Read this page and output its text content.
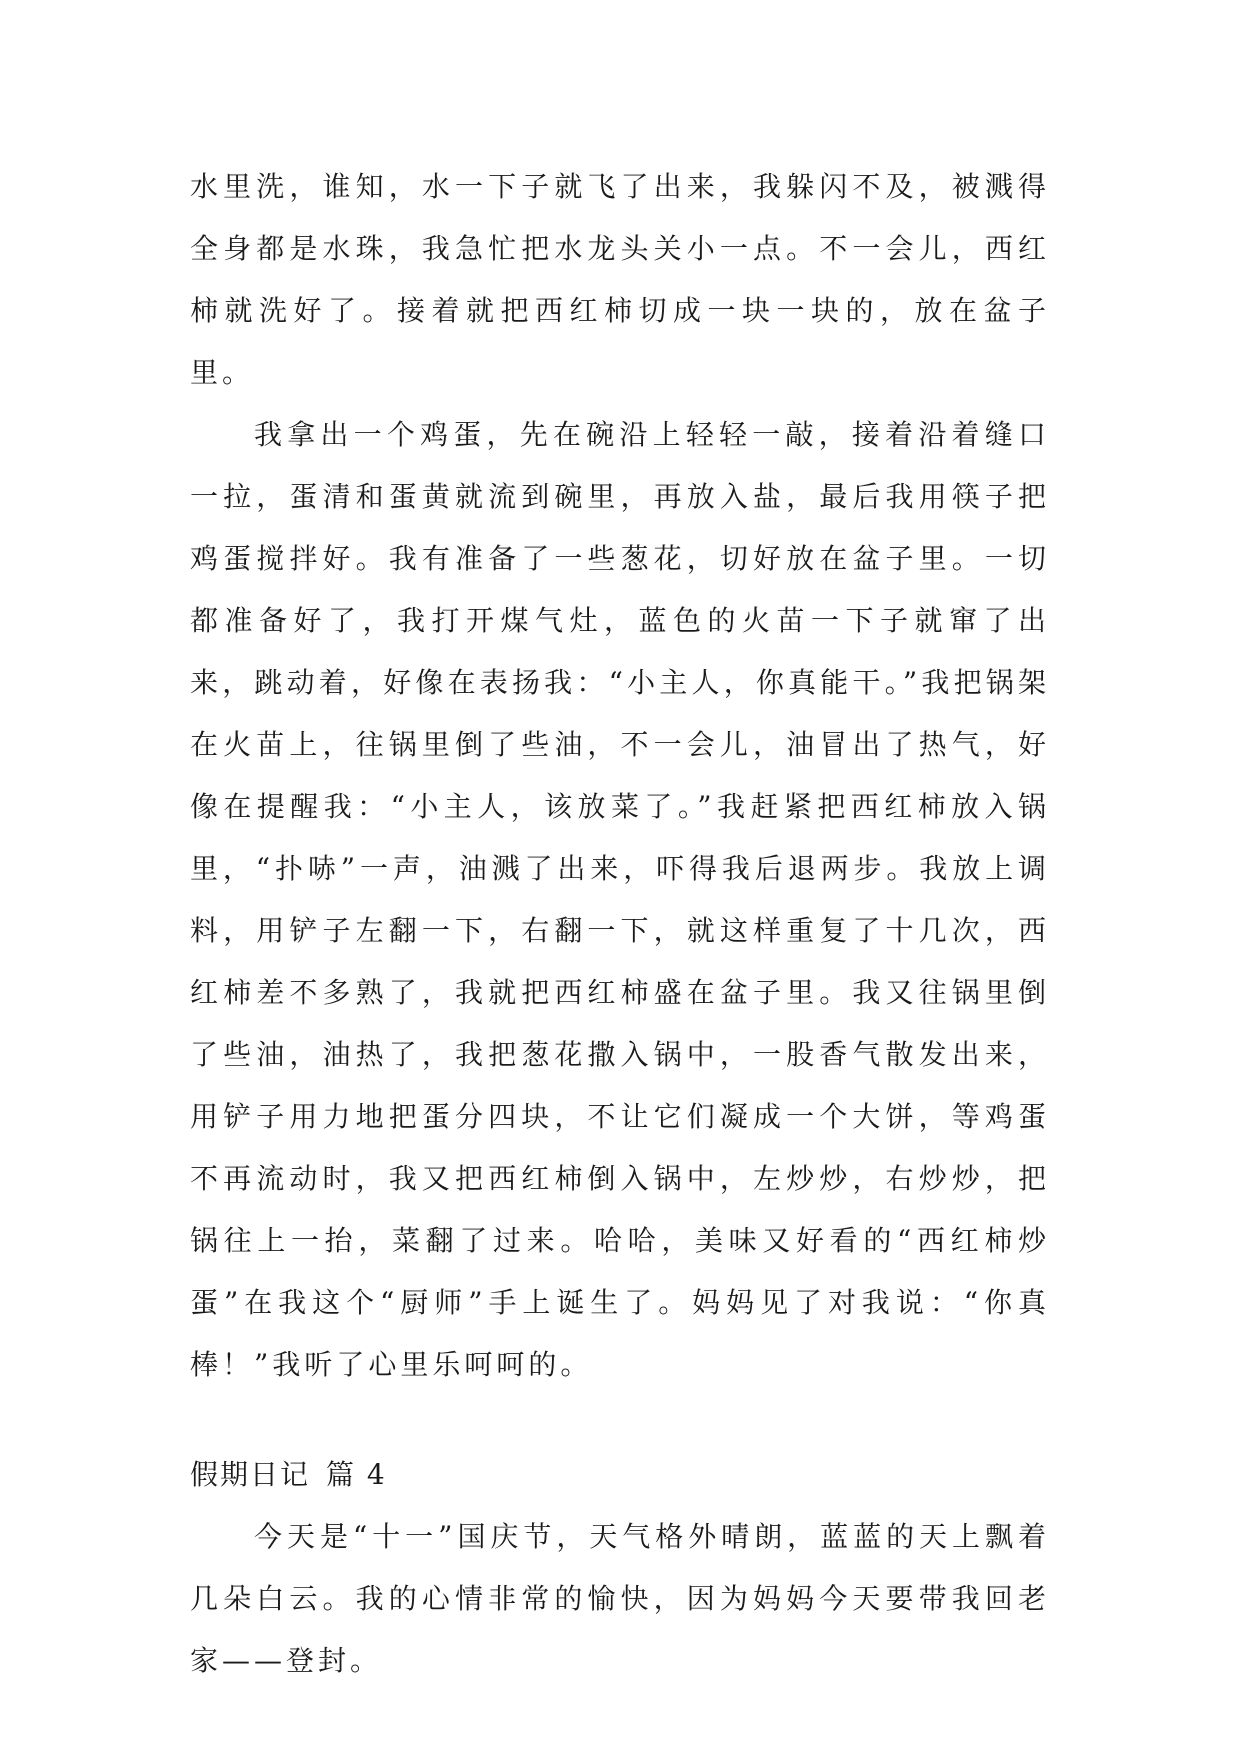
水里洗，谁知，水一下子就飞了出来，我躲闪不及，被溅得全身都是水珠，我急忙把水龙头关小一点。不一会儿，西红柿就洗好了。接着就把西红柿切成一块一块的，放在盆子里。

我拿出一个鸡蛋，先在碗沿上轻轻一敲，接着沿着缝口一拉，蛋清和蛋黄就流到碗里，再放入盐，最后我用筷子把鸡蛋搅拌好。我有准备了一些葱花，切好放在盆子里。一切都准备好了，我打开煤气灶，蓝色的火苗一下子就窜了出来，跳动着，好像在表扬我：“小主人，你真能干。”我把锅架在火苗上，往锅里倒了些油，不一会儿，油冒出了热气，好像在提醒我：“小主人，该放菜了。”我赶紧把西红柿放入锅里，“扑哧”一声，油溅了出来，吓得我后退两步。我放上调料，用铲子左翻一下，右翻一下，就这样重复了十几次，西红柿差不多熟了，我就把西红柿盛在盆子里。我又往锅里倒了些油，油热了，我把葱花撒入锅中，一股香气散发出来，用铲子用力地把蛋分四块，不让它们凝成一个大饼，等鸡蛋不再流动时，我又把西红柿倒入锅中，左炒炒，右炒炒，把锅往上一抬，菜翻了过来。哈哈，美味又好看的“西红柿炒蛋”在我这个“厨师”手上诞生了。妈妈见了对我说：“你真棒！”我听了心里乐呵呵的。

假期日记 篇 4

今天是“十一”国庆节，天气格外晴朗，蓝蓝的天上飘着几朵白云。我的心情非常的愉快，因为妈妈今天要带我回老家——登封。
